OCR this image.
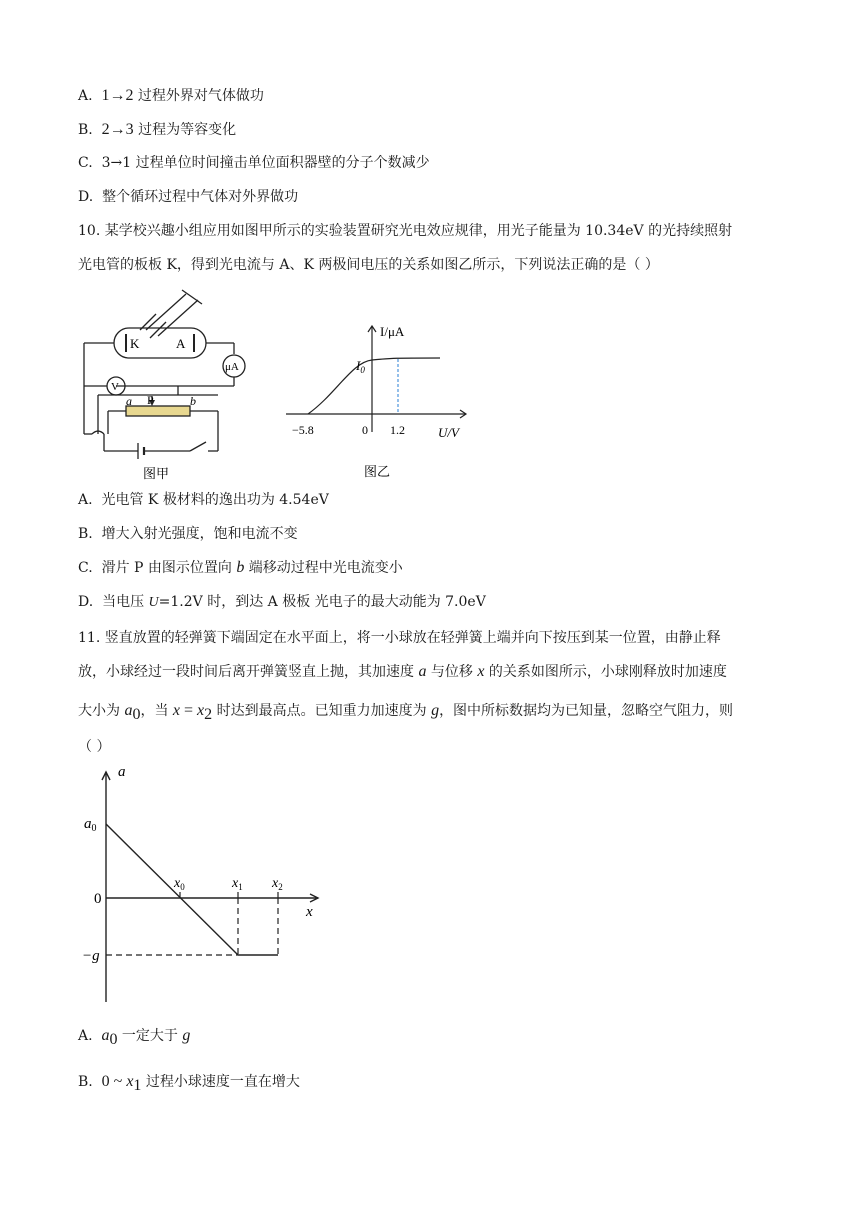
A. 1→2 过程外界对气体做功
B. 2→3 过程为等容变化
C. 3→1 过程单位时间撞击单位面积器壁的分子个数减少
D. 整个循环过程中气体对外界做功
10. 某学校兴趣小组应用如图甲所示的实验装置研究光电效应规律，用光子能量为 10.34eV 的光持续照射
光电管的板板 K，得到光电流与 A、K 两极间电压的关系如图乙所示，下列说法正确的是（ ）
K	A
μA
V
a P	b
图甲
I/μA
$I_0$
U/V
−5.8	0 1.2
图乙
A. 光电管 K 极材料的逸出功为 4.54eV
B. 增大入射光强度，饱和电流不变
C. 滑片 P 由图示位置向 b 端移动过程中光电流变小
D. 当电压 U=1.2V 时，到达 A 极板 光电子的最大动能为 7.0eV
11. 竖直放置的轻弹簧下端固定在水平面上，将一小球放在轻弹簧上端并向下按压到某一位置，由静止释
放，小球经过一段时间后离开弹簧竖直上抛，其加速度 a 与位移 x 的关系如图所示，小球刚释放时加速度
大小为 $a_0$，当 $x = x_2$ 时达到最高点。已知重力加速度为 g，图中所标数据均为已知量，忽略空气阻力，则
（ ）
a
$a_0$
0
−g
x
$x_0$	$x_1$ $x_2$
A. $a_0$ 一定大于 g
B. 0 ~ $x_1$ 过程小球速度一直在增大
